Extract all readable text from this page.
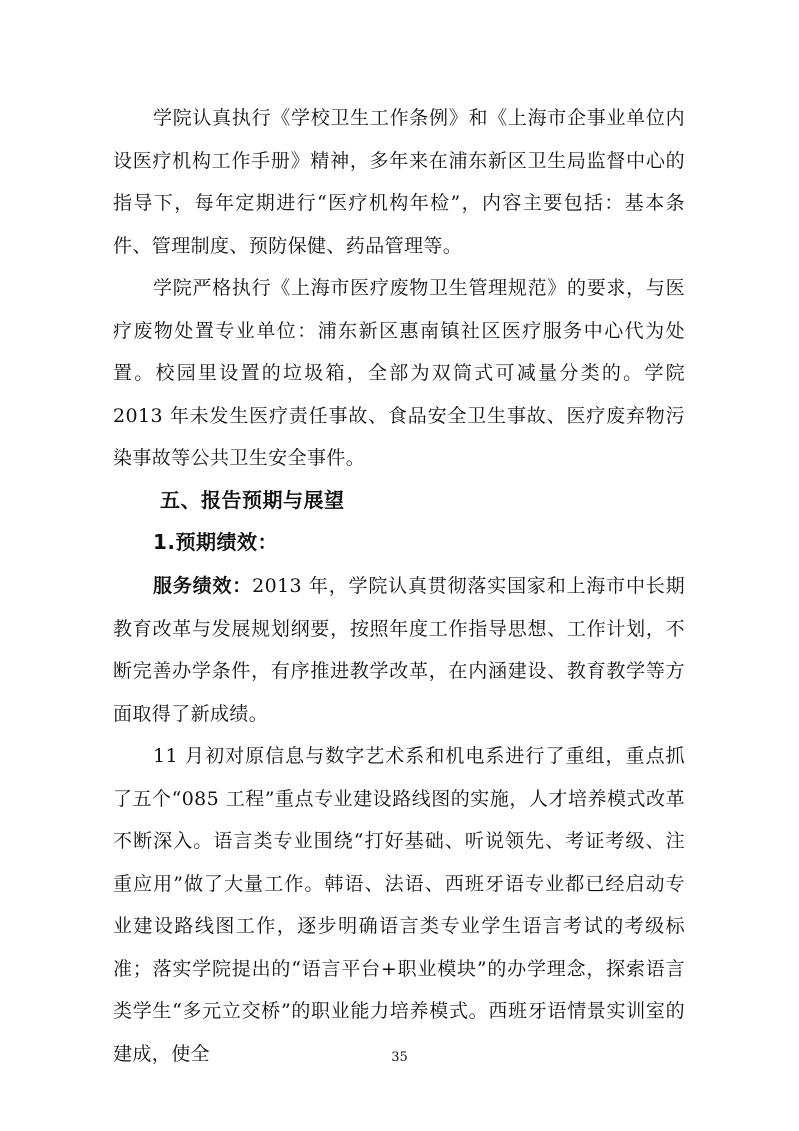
学院认真执行《学校卫生工作条例》和《上海市企事业单位内设医疗机构工作手册》精神，多年来在浦东新区卫生局监督中心的指导下，每年定期进行“医疗机构年检”，内容主要包括：基本条件、管理制度、预防保健、药品管理等。

学院严格执行《上海市医疗废物卫生管理规范》的要求，与医疗废物处置专业单位：浦东新区惠南镇社区医疗服务中心代为处置。校园里设置的垃圾箱，全部为双筒式可减量分类的。学院 2013 年未发生医疗责任事故、食品安全卫生事故、医疗废弃物污染事故等公共卫生安全事件。

五、报告预期与展望
1.预期绩效：

服务绩效：2013 年，学院认真贯彻落实国家和上海市中长期教育改革与发展规划纲要，按照年度工作指导思想、工作计划，不断完善办学条件，有序推进教学改革，在内涵建设、教育教学等方面取得了新成绩。

11 月初对原信息与数字艺术系和机电系进行了重组，重点抓了五个“085 工程”重点专业建设路线图的实施，人才培养模式改革不断深入。语言类专业围绕“打好基础、听说领先、考证考级、注重应用”做了大量工作。韩语、法语、西班牙语专业都已经启动专业建设路线图工作，逐步明确语言类专业学生语言考试的考级标准；落实学院提出的“语言平台+职业模块”的办学理念，探索语言类学生“多元立交桥”的职业能力培养模式。西班牙语情景实训室的建成，使全	35
